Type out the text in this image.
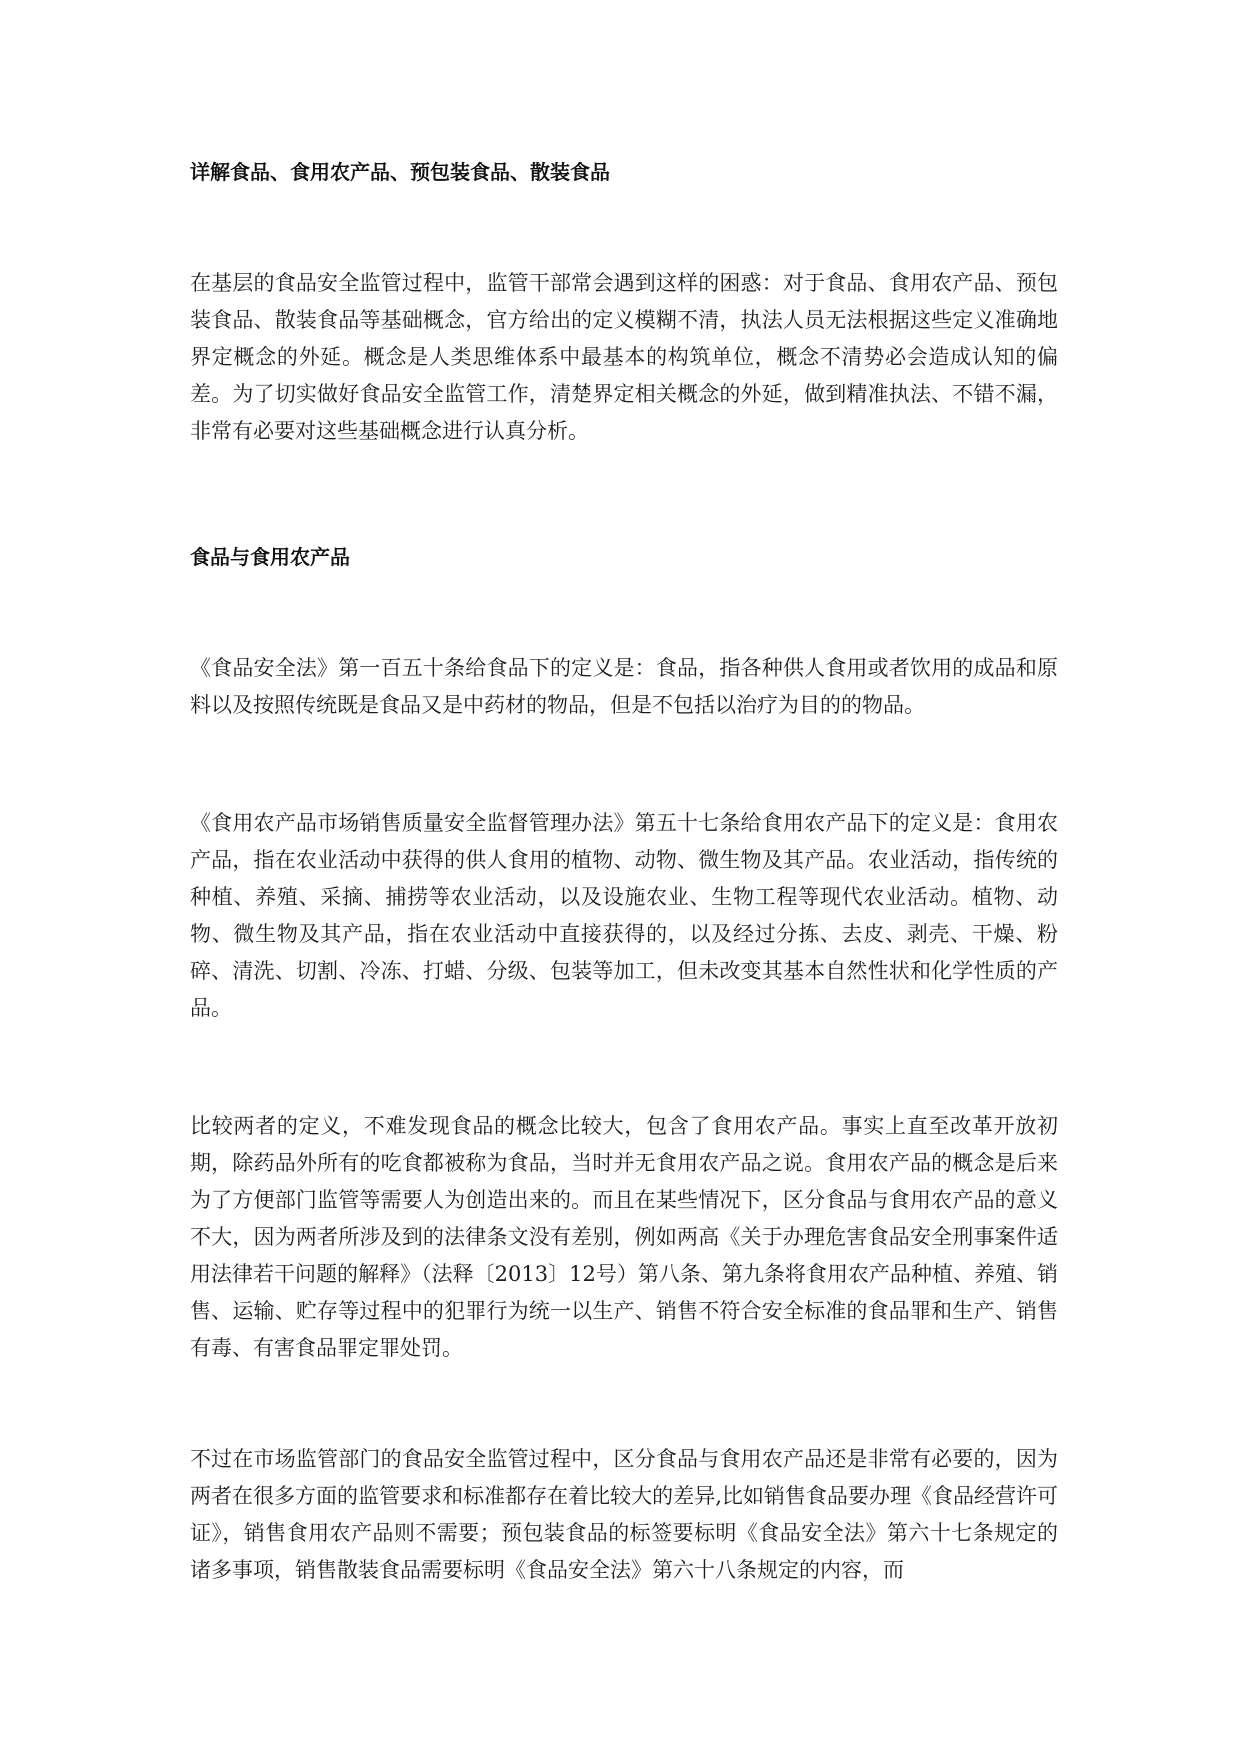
详解食品、食用农产品、预包装食品、散装食品

在基层的食品安全监管过程中，监管干部常会遇到这样的困惑：对于食品、食用农产品、预包装食品、散装食品等基础概念，官方给出的定义模糊不清，执法人员无法根据这些定义准确地界定概念的外延。概念是人类思维体系中最基本的构筑单位，概念不清势必会造成认知的偏差。为了切实做好食品安全监管工作，清楚界定相关概念的外延，做到精准执法、不错不漏，非常有必要对这些基础概念进行认真分析。

食品与食用农产品

《食品安全法》第一百五十条给食品下的定义是：食品，指各种供人食用或者饮用的成品和原料以及按照传统既是食品又是中药材的物品，但是不包括以治疗为目的的物品。

《食用农产品市场销售质量安全监督管理办法》第五十七条给食用农产品下的定义是：食用农产品，指在农业活动中获得的供人食用的植物、动物、微生物及其产品。农业活动，指传统的种植、养殖、采摘、捕捞等农业活动，以及设施农业、生物工程等现代农业活动。植物、动物、微生物及其产品，指在农业活动中直接获得的，以及经过分拣、去皮、剥壳、干燥、粉碎、清洗、切割、冷冻、打蜡、分级、包装等加工，但未改变其基本自然性状和化学性质的产品。

比较两者的定义，不难发现食品的概念比较大，包含了食用农产品。事实上直至改革开放初期，除药品外所有的吃食都被称为食品，当时并无食用农产品之说。食用农产品的概念是后来为了方便部门监管等需要人为创造出来的。而且在某些情况下，区分食品与食用农产品的意义不大，因为两者所涉及到的法律条文没有差别，例如两高《关于办理危害食品安全刑事案件适用法律若干问题的解释》（法释〔2013〕12号）第八条、第九条将食用农产品种植、养殖、销售、运输、贮存等过程中的犯罪行为统一以生产、销售不符合安全标准的食品罪和生产、销售有毒、有害食品罪定罪处罚。

不过在市场监管部门的食品安全监管过程中，区分食品与食用农产品还是非常有必要的，因为两者在很多方面的监管要求和标准都存在着比较大的差异,比如销售食品要办理《食品经营许可证》，销售食用农产品则不需要；预包装食品的标签要标明《食品安全法》第六十七条规定的诸多事项，销售散装食品需要标明《食品安全法》第六十八条规定的内容，而
